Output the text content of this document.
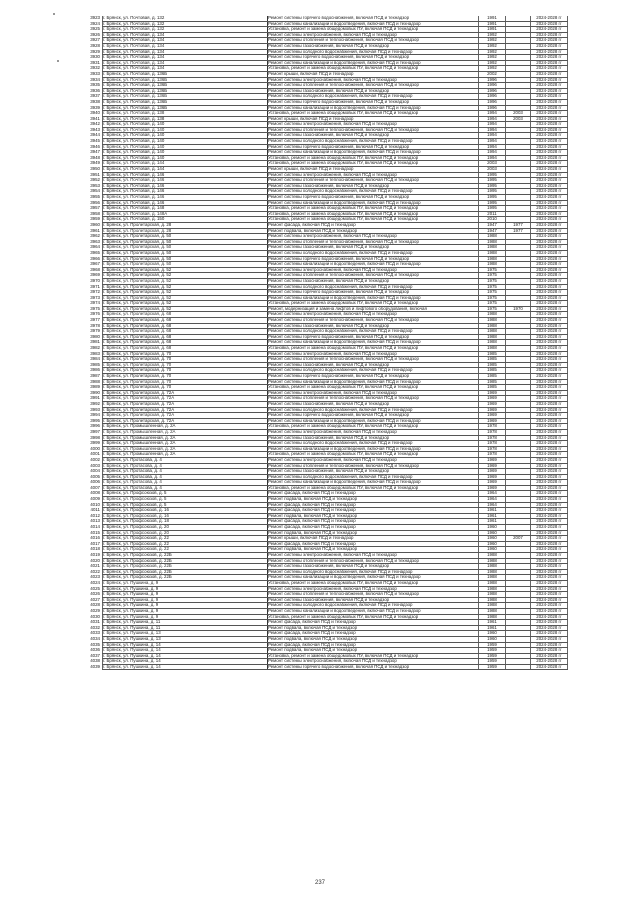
3923	г. Брянск, ул. Почтовая, д. 132	Ремонт системы горячего водоснабжения, включая ПСД и технадзор	1991		2024-2028 гг
3924	г. Брянск, ул. Почтовая, д. 132	Ремонт системы канализации и водоотведения, включая ПСД и технадзор	1991		2024-2028 гг
3925	г. Брянск, ул. Почтовая, д. 132	Установка, ремонт и замена общедомовых ПУ, включая ПСД и технадзор	1991		2024-2028 гг
3926	г. Брянск, ул. Почтовая, д. 134	Ремонт системы электроснабжения, включая ПСД и технадзор	1992		2024-2028 гг
3927	г. Брянск, ул. Почтовая, д. 134	Ремонт системы отопления и теплоснабжения, включая ПСД и технадзор	1992		2024-2028 гг
3928	г. Брянск, ул. Почтовая, д. 134	Ремонт системы газоснабжения, включая ПСД и технадзор	1992		2024-2028 гг
3929	г. Брянск, ул. Почтовая, д. 134	Ремонт системы холодного водоснабжения, включая ПСД и технадзор	1992		2024-2028 гг
3930	г. Брянск, ул. Почтовая, д. 134	Ремонт системы горячего водоснабжения, включая ПСД и технадзор	1992		2024-2028 гг
3931	г. Брянск, ул. Почтовая, д. 134	Ремонт системы канализации и водоотведения, включая ПСД и технадзор	1992		2024-2028 гг
3932	г. Брянск, ул. Почтовая, д. 134	Установка, ремонт и замена общедомовых ПУ, включая ПСД и технадзор	1992		2024-2028 гг
3933	г. Брянск, ул. Почтовая, д. 136Б	Ремонт крыши, включая ПСД и технадзор	2002		2024-2028 гг
3934	г. Брянск, ул. Почтовая, д. 136Б	Ремонт системы электроснабжения, включая ПСД и технадзор	1996		2024-2028 гг
3935	г. Брянск, ул. Почтовая, д. 136Б	Ремонт системы отопления и теплоснабжения, включая ПСД и технадзор	1996		2024-2028 гг
3936	г. Брянск, ул. Почтовая, д. 136Б	Ремонт системы газоснабжения, включая ПСД и технадзор	1996		2024-2028 гг
3937	г. Брянск, ул. Почтовая, д. 136Б	Ремонт системы холодного водоснабжения, включая ПСД и технадзор	1996		2024-2028 гг
3938	г. Брянск, ул. Почтовая, д. 136Б	Ремонт системы горячего водоснабжения, включая ПСД и технадзор	1996		2024-2028 гг
3939	г. Брянск, ул. Почтовая, д. 136Б	Ремонт системы канализации и водоотведения, включая ПСД и технадзор	1996		2024-2028 гг
3940	г. Брянск, ул. Почтовая, д. 138	Установка, ремонт и замена общедомовых ПУ, включая ПСД и технадзор	1994	2003	2024-2028 гг
3941	г. Брянск, ул. Почтовая, д. 138	Ремонт крыши, включая ПСД и технадзор	1994	2003	2024-2028 гг
3942	г. Брянск, ул. Почтовая, д. 140	Ремонт системы электроснабжения, включая ПСД и технадзор	1994		2024-2028 гг
3943	г. Брянск, ул. Почтовая, д. 140	Ремонт системы отопления и теплоснабжения, включая ПСД и технадзор	1994		2024-2028 гг
3944	г. Брянск, ул. Почтовая, д. 140	Ремонт системы газоснабжения, включая ПСД и технадзор	1994		2024-2028 гг
3945	г. Брянск, ул. Почтовая, д. 140	Ремонт системы холодного водоснабжения, включая ПСД и технадзор	1994		2024-2028 гг
3946	г. Брянск, ул. Почтовая, д. 140	Ремонт системы горячего водоснабжения, включая ПСД и технадзор	1994		2024-2028 гг
3947	г. Брянск, ул. Почтовая, д. 140	Ремонт системы канализации и водоотведения, включая ПСД и технадзор	1994		2024-2028 гг
3948	г. Брянск, ул. Почтовая, д. 140	Установка, ремонт и замена общедомовых ПУ, включая ПСД и технадзор	1994		2024-2028 гг
3949	г. Брянск, ул. Почтовая, д. 144	Установка, ремонт и замена общедомовых ПУ, включая ПСД и технадзор	2003		2024-2028 гг
3950	г. Брянск, ул. Почтовая, д. 144	Ремонт крыши, включая ПСД и технадзор	2003		2024-2028 гг
3951	г. Брянск, ул. Почтовая, д. 146	Ремонт системы электроснабжения, включая ПСД и технадзор	1995		2024-2028 гг
3952	г. Брянск, ул. Почтовая, д. 146	Ремонт системы отопления и теплоснабжения, включая ПСД и технадзор	1995		2024-2028 гг
3953	г. Брянск, ул. Почтовая, д. 146	Ремонт системы газоснабжения, включая ПСД и технадзор	1995		2024-2028 гг
3954	г. Брянск, ул. Почтовая, д. 146	Ремонт системы холодного водоснабжения, включая ПСД и технадзор	1995		2024-2028 гг
3955	г. Брянск, ул. Почтовая, д. 146	Ремонт системы горячего водоснабжения, включая ПСД и технадзор	1995		2024-2028 гг
3956	г. Брянск, ул. Почтовая, д. 146	Ремонт системы канализации и водоотведения, включая ПСД и технадзор	1995		2024-2028 гг
3957	г. Брянск, ул. Почтовая, д. 148	Установка, ремонт и замена общедомовых ПУ, включая ПСД и технадзор	1995		2024-2028 гг
3958	г. Брянск, ул. Почтовая, д. 148А	Установка, ремонт и замена общедомовых ПУ, включая ПСД и технадзор	2011		2024-2028 гг
3959	г. Брянск, ул. Почтовая, д. 150	Установка, ремонт и замена общедомовых ПУ, включая ПСД и технадзор	2010		2024-2028 гг
3960	г. Брянск, ул. Пролетарская, д. 28	Ремонт фасада, включая ПСД и технадзор	1947	1977	2024-2028 гг
3961	г. Брянск, ул. Пролетарская, д. 28	Ремонт подвала, включая ПСД и технадзор	1947	1977	2024-2028 гг
3962	г. Брянск, ул. Пролетарская, д. 50	Ремонт системы электроснабжения, включая ПСД и технадзор	1988		2024-2028 гг
3963	г. Брянск, ул. Пролетарская, д. 50	Ремонт системы отопления и теплоснабжения, включая ПСД и технадзор	1988		2024-2028 гг
3964	г. Брянск, ул. Пролетарская, д. 50	Ремонт системы газоснабжения, включая ПСД и технадзор	1988		2024-2028 гг
3965	г. Брянск, ул. Пролетарская, д. 50	Ремонт системы холодного водоснабжения, включая ПСД и технадзор	1988		2024-2028 гг
3966	г. Брянск, ул. Пролетарская, д. 50	Ремонт системы горячего водоснабжения, включая ПСД и технадзор	1988		2024-2028 гг
3967	г. Брянск, ул. Пролетарская, д. 50	Ремонт системы канализации и водоотведения, включая ПСД и технадзор	1988		2024-2028 гг
3968	г. Брянск, ул. Пролетарская, д. 52	Ремонт системы электроснабжения, включая ПСД и технадзор	1975		2024-2028 гг
3969	г. Брянск, ул. Пролетарская, д. 52	Ремонт системы отопления и теплоснабжения, включая ПСД и технадзор	1975		2024-2028 гг
3970	г. Брянск, ул. Пролетарская, д. 52	Ремонт системы газоснабжения, включая ПСД и технадзор	1975		2024-2028 гг
3971	г. Брянск, ул. Пролетарская, д. 52	Ремонт системы холодного водоснабжения, включая ПСД и технадзор	1975		2024-2028 гг
3972	г. Брянск, ул. Пролетарская, д. 52	Ремонт системы горячего водоснабжения, включая ПСД и технадзор	1975		2024-2028 гг
3973	г. Брянск, ул. Пролетарская, д. 52	Ремонт системы канализации и водоотведения, включая ПСД и технадзор	1975		2024-2028 гг
3974	г. Брянск, ул. Пролетарская, д. 52	Установка, ремонт и замена общедомовых ПУ, включая ПСД и технадзор	1975		2024-2028 гг
3975	г. Брянск, ул. Пролетарская, д. 52	Ремонт, модернизация и замена лифтов и лифтового оборудования, включая	1975	1970	2024-2028 гг
3976	г. Брянск, ул. Пролетарская, д. 68	Ремонт системы электроснабжения, включая ПСД и технадзор	1988		2024-2028 гг
3977	г. Брянск, ул. Пролетарская, д. 68	Ремонт системы отопления и теплоснабжения, включая ПСД и технадзор	1988		2024-2028 гг
3978	г. Брянск, ул. Пролетарская, д. 68	Ремонт системы газоснабжения, включая ПСД и технадзор	1988		2024-2028 гг
3979	г. Брянск, ул. Пролетарская, д. 68	Ремонт системы холодного водоснабжения, включая ПСД и технадзор	1988		2024-2028 гг
3980	г. Брянск, ул. Пролетарская, д. 68	Ремонт системы горячего водоснабжения, включая ПСД и технадзор	1988		2024-2028 гг
3981	г. Брянск, ул. Пролетарская, д. 68	Ремонт системы канализации и водоотведения, включая ПСД и технадзор	1988		2024-2028 гг
3982	г. Брянск, ул. Пролетарская, д. 68	Установка, ремонт и замена общедомовых ПУ, включая ПСД и технадзор	1988		2024-2028 гг
3983	г. Брянск, ул. Пролетарская, д. 70	Ремонт системы электроснабжения, включая ПСД и технадзор	1985		2024-2028 гг
3984	г. Брянск, ул. Пролетарская, д. 70	Ремонт системы отопления и теплоснабжения, включая ПСД и технадзор	1985		2024-2028 гг
3985	г. Брянск, ул. Пролетарская, д. 70	Ремонт системы газоснабжения, включая ПСД и технадзор	1985		2024-2028 гг
3986	г. Брянск, ул. Пролетарская, д. 70	Ремонт системы холодного водоснабжения, включая ПСД и технадзор	1985		2024-2028 гг
3987	г. Брянск, ул. Пролетарская, д. 70	Ремонт системы горячего водоснабжения, включая ПСД и технадзор	1985		2024-2028 гг
3988	г. Брянск, ул. Пролетарская, д. 70	Ремонт системы канализации и водоотведения, включая ПСД и технадзор	1985		2024-2028 гг
3989	г. Брянск, ул. Пролетарская, д. 70	Установка, ремонт и замена общедомовых ПУ, включая ПСД и технадзор	1985		2024-2028 гг
3990	г. Брянск, ул. Пролетарская, д. 72А	Ремонт системы электроснабжения, включая ПСД и технадзор	1969		2024-2028 гг
3991	г. Брянск, ул. Пролетарская, д. 72А	Ремонт системы отопления и теплоснабжения, включая ПСД и технадзор	1969		2024-2028 гг
3992	г. Брянск, ул. Пролетарская, д. 72А	Ремонт системы газоснабжения, включая ПСД и технадзор	1969		2024-2028 гг
3993	г. Брянск, ул. Пролетарская, д. 72А	Ремонт системы холодного водоснабжения, включая ПСД и технадзор	1969		2024-2028 гг
3994	г. Брянск, ул. Пролетарская, д. 72А	Ремонт системы горячего водоснабжения, включая ПСД и технадзор	1969		2024-2028 гг
3995	г. Брянск, ул. Пролетарская, д. 72А	Ремонт системы канализации и водоотведения, включая ПСД и технадзор	1969		2024-2028 гг
3996	г. Брянск, ул. Промышленная, д. 2А	Установка, ремонт и замена общедомовых ПУ, включая ПСД и технадзор	1978		2024-2028 гг
3997	г. Брянск, ул. Промышленная, д. 2А	Ремонт системы электроснабжения, включая ПСД и технадзор	1978		2024-2028 гг
3998	г. Брянск, ул. Промышленная, д. 2А	Ремонт системы газоснабжения, включая ПСД и технадзор	1978		2024-2028 гг
3999	г. Брянск, ул. Промышленная, д. 2А	Ремонт системы холодного водоснабжения, включая ПСД и технадзор	1978		2024-2028 гг
4000	г. Брянск, ул. Промышленная, д. 2А	Ремонт системы канализации и водоотведения, включая ПСД и технадзор	1978		2024-2028 гг
4001	г. Брянск, ул. Промышленная, д. 2А	Установка, ремонт и замена общедомовых ПУ, включая ПСД и технадзор	1978		2024-2028 гг
4002	г. Брянск, ул. Протасова, д. 4	Ремонт системы электроснабжения, включая ПСД и технадзор	1969		2024-2028 гг
4003	г. Брянск, ул. Протасова, д. 4	Ремонт системы отопления и теплоснабжения, включая ПСД и технадзор	1969		2024-2028 гг
4004	г. Брянск, ул. Протасова, д. 4	Ремонт системы газоснабжения, включая ПСД и технадзор	1969		2024-2028 гг
4005	г. Брянск, ул. Протасова, д. 4	Ремонт системы холодного водоснабжения, включая ПСД и технадзор	1969		2024-2028 гг
4006	г. Брянск, ул. Протасова, д. 4	Ремонт системы канализации и водоотведения, включая ПСД и технадзор	1969		2024-2028 гг
4007	г. Брянск, ул. Протасова, д. 4	Установка, ремонт и замена общедомовых ПУ, включая ПСД и технадзор	1969		2024-2028 гг
4008	г. Брянск, ул. Профсоюзов, д. 5	Ремонт фасада, включая ПСД и технадзор	1964		2024-2028 гг
4009	г. Брянск, ул. Профсоюзов, д. 5	Ремонт подвала, включая ПСД и технадзор	1964		2024-2028 гг
4010	г. Брянск, ул. Профсоюзов, д. 5	Ремонт фасада, включая ПСД и технадзор	1964		2024-2028 гг
4011	г. Брянск, ул. Профсоюзов, д. 16	Ремонт фасада, включая ПСД и технадзор	1961		2024-2028 гг
4012	г. Брянск, ул. Профсоюзов, д. 16	Ремонт подвала, включая ПСД и технадзор	1961		2024-2028 гг
4013	г. Брянск, ул. Профсоюзов, д. 18	Ремонт фасада, включая ПСД и технадзор	1961		2024-2028 гг
4014	г. Брянск, ул. Профсоюзов, д. 20	Ремонт фасада, включая ПСД и технадзор	1960		2024-2028 гг
4015	г. Брянск, ул. Профсоюзов, д. 20	Ремонт подвала, включая ПСД и технадзор	1960		2024-2028 гг
4016	г. Брянск, ул. Профсоюзов, д. 22	Ремонт крыши, включая ПСД и технадзор	1960	2007	2024-2028 гг
4017	г. Брянск, ул. Профсоюзов, д. 22	Ремонт фасада, включая ПСД и технадзор	1960		2024-2028 гг
4018	г. Брянск, ул. Профсоюзов, д. 22	Ремонт подвала, включая ПСД и технадзор	1960		2024-2028 гг
4019	г. Брянск, ул. Профсоюзов, д. 22Б	Ремонт системы электроснабжения, включая ПСД и технадзор	1988		2024-2028 гг
4020	г. Брянск, ул. Профсоюзов, д. 22Б	Ремонт системы отопления и теплоснабжения, включая ПСД и технадзор	1988		2024-2028 гг
4021	г. Брянск, ул. Профсоюзов, д. 22Б	Ремонт системы газоснабжения, включая ПСД и технадзор	1988		2024-2028 гг
4022	г. Брянск, ул. Профсоюзов, д. 22Б	Ремонт системы холодного водоснабжения, включая ПСД и технадзор	1988		2024-2028 гг
4023	г. Брянск, ул. Профсоюзов, д. 22Б	Ремонт системы канализации и водоотведения, включая ПСД и технадзор	1988		2024-2028 гг
4024	г. Брянск, ул. Пушкина, д. 9	Установка, ремонт и замена общедомовых ПУ, включая ПСД и технадзор	1988		2024-2028 гг
4025	г. Брянск, ул. Пушкина, д. 9	Ремонт системы электроснабжения, включая ПСД и технадзор	1988		2024-2028 гг
4026	г. Брянск, ул. Пушкина, д. 9	Ремонт системы отопления и теплоснабжения, включая ПСД и технадзор	1988		2024-2028 гг
4027	г. Брянск, ул. Пушкина, д. 9	Ремонт системы газоснабжения, включая ПСД и технадзор	1988		2024-2028 гг
4028	г. Брянск, ул. Пушкина, д. 9	Ремонт системы холодного водоснабжения, включая ПСД и технадзор	1988		2024-2028 гг
4029	г. Брянск, ул. Пушкина, д. 9	Ремонт системы канализации и водоотведения, включая ПСД и технадзор	1988		2024-2028 гг
4030	г. Брянск, ул. Пушкина, д. 9	Установка, ремонт и замена общедомовых ПУ, включая ПСД и технадзор	1988		2024-2028 гг
4031	г. Брянск, ул. Пушкина, д. 11	Ремонт фасада, включая ПСД и технадзор	1961		2024-2028 гг
4032	г. Брянск, ул. Пушкина, д. 11	Ремонт подвала, включая ПСД и технадзор	1961		2024-2028 гг
4033	г. Брянск, ул. Пушкина, д. 13	Ремонт фасада, включая ПСД и технадзор	1960		2024-2028 гг
4034	г. Брянск, ул. Пушкина, д. 13	Ремонт подвала, включая ПСД и технадзор	1960		2024-2028 гг
4035	г. Брянск, ул. Пушкина, д. 14	Ремонт фасада, включая ПСД и технадзор	1959		2024-2028 гг
4036	г. Брянск, ул. Пушкина, д. 14	Ремонт подвала, включая ПСД и технадзор	1959		2024-2028 гг
4037	г. Брянск, ул. Пушкина, д. 14	Установка, ремонт и замена общедомовых ПУ, включая ПСД и технадзор	1959		2024-2028 гг
4038	г. Брянск, ул. Пушкина, д. 14	Ремонт системы электроснабжения, включая ПСД и технадзор	1959		2024-2028 гг
4039	г. Брянск, ул. Пушкина, д. 14	Ремонт системы горячего водоснабжения, включая ПСД и технадзор	1959		2024-2028 гг
237
